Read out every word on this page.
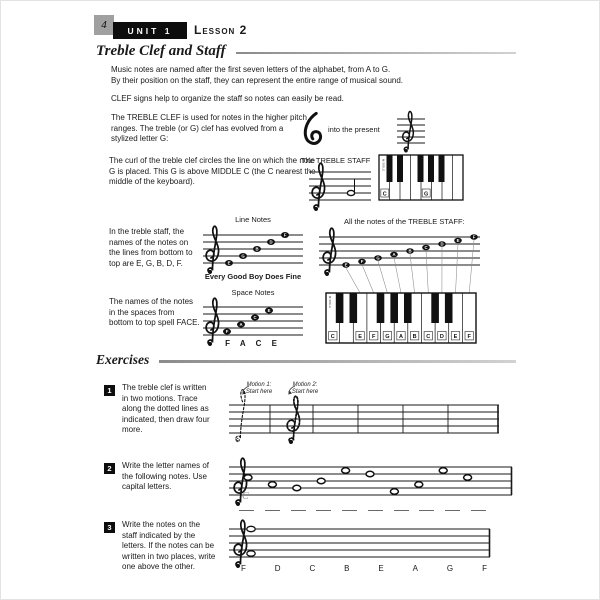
4 UNIT 1 Lesson 2
Treble Clef and Staff
Music notes are named after the first seven letters of the alphabet, from A to G.
By their position on the staff, they can represent the entire range of musical sound.
CLEF signs help to organize the staff so notes can easily be read.
The TREBLE CLEF is used for notes in the higher pitch ranges. The treble (or G) clef has evolved from a stylized letter G:
into the present
The curl of the treble clef circles the line on which the note G is placed. This G is above MIDDLE C (the C nearest the middle of the keyboard).
The TREBLE STAFF	MIDDLE
C	G
In the treble staff, the names of the notes on the lines from bottom to top are E, G, B, D, F.
Line Notes
E
G
B
D
F
Every Good Boy Does Fine
All the notes of the TREBLE STAFF:
E
F
G
A
B
C
D
E
F
MIDDLE
C	E F G A B C D E F
The names of the notes in the spaces from bottom to top spell FACE.
Space Notes
F
A
C
E
F A C E
Exercises
1 The treble clef is written in two motions. Trace along the dotted lines as indicated, then draw four more.
Motion 1:
Start here
Motion 2:
Start here
2 Write the letter names of the following notes. Use capital letters.
C
3 Write the notes on the staff indicated by the letters. If the notes can be written in two places, write one above the other.	F	D	C	B	E	A	G	F
